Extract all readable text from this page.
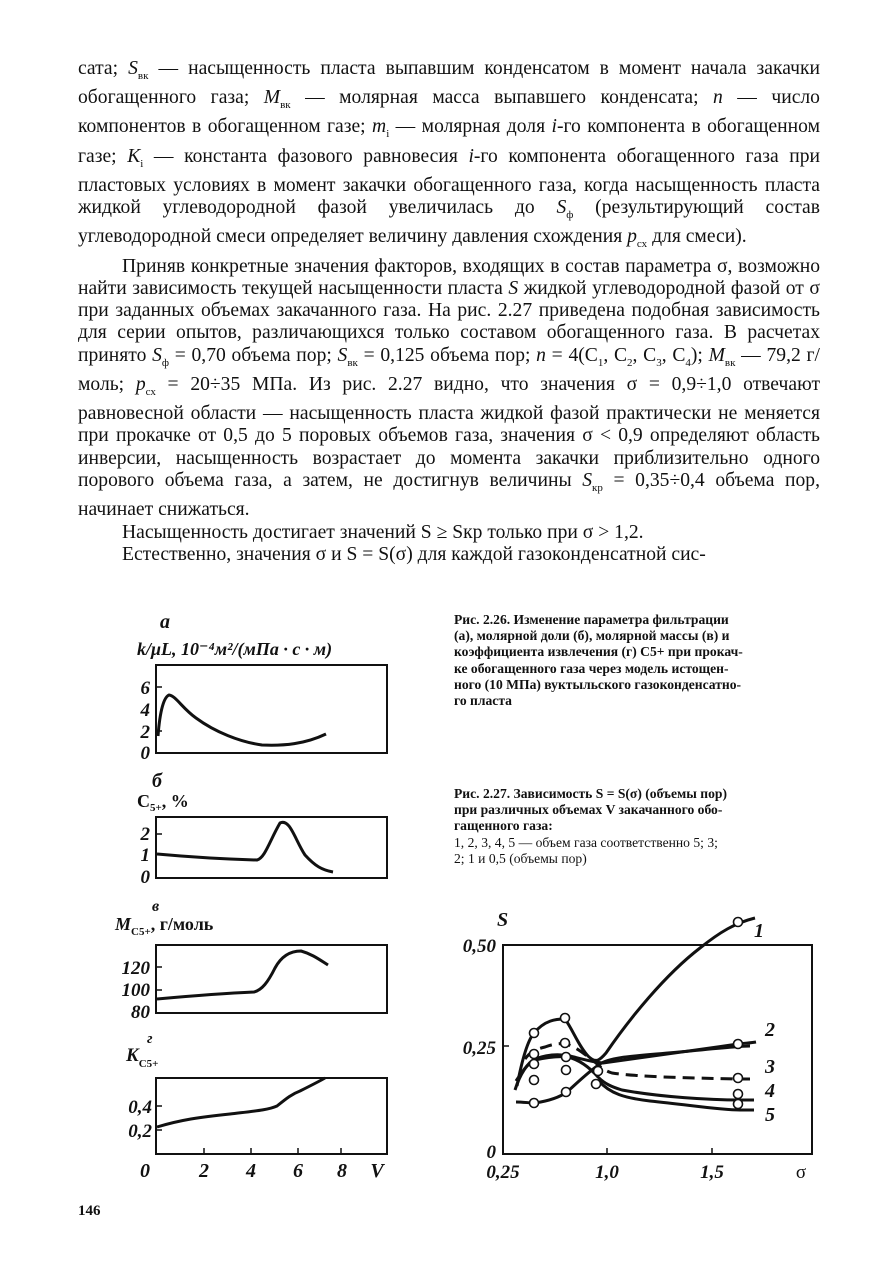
сата; $S_{вк}$ — насыщенность пласта выпавшим конденсатом в момент начала закачки обогащенного газа; $M_{вк}$ — молярная масса выпавшего конденсата; n — число компонентов в обогащенном газе; $m_i$ — молярная доля i-го компонента в обогащенном газе; $K_i$ — константа фазового равновесия i-го компонента обогащенного газа при пластовых условиях в момент закачки обогащенного газа, когда насыщенность пласта жидкой углеводородной фазой увеличилась до $S_ф$ (результирующий состав углеводородной смеси определяет величину давления схождения $p_{сх}$ для смеси).

Приняв конкретные значения факторов, входящих в состав параметра σ, возможно найти зависимость текущей насыщенности пласта S жидкой углеводородной фазой от σ при заданных объемах закачанного газа. На рис. 2.27 приведена подобная зависимость для серии опытов, различающихся только составом обогащенного газа. В расчетах принято $S_ф = 0,70$ объема пор; $S_{вк} = 0,125$ объема пор; $n = 4(C_1$, $C_2$, $C_3$, $C_4$); $M_{вк}$ — 79,2 г/моль; $p_{сх} = 20\div 35$ МПа. Из рис. 2.27 видно, что значения σ = 0,9÷1,0 отвечают равновесной области — насыщенность пласта жидкой фазой практически не меняется при прокачке от 0,5 до 5 поровых объемов газа, значения σ < 0,9 определяют область инверсии, насыщенность возрастает до момента закачки приблизительно одного порового объема газа, а затем, не достигнув величины $S_{кр} = 0,35\div 0,4$ объема пор, начинает снижаться.

Насыщенность достигает значений S ≥ Sкр только при σ > 1,2.

Естественно, значения σ и S = S(σ) для каждой газоконденсатной сис-

Рис. 2.26. Изменение параметра фильтрации
(а), молярной доли (б), молярной массы (в) и
коэффициента извлечения (г) C5+ при прокач-
ке обогащенного газа через модель истощен-
ного (10 МПа) вуктыльского газоконденсатно-
го пласта
Рис. 2.27. Зависимость S = S(σ) (объемы пор)
при различных объемах V закачанного обо-
гащенного газа:
1, 2, 3, 4, 5 — объем газа соответственно 5; 3;
2; 1 и 0,5 (объемы пор)
а
k/μL, 10⁻⁴м²/(мПа · с · м)
6
4
2
0
б
$C_{5+}$, %
2
1
0
в
$M_{C5+}$, г/моль
120
100
80
г
$K_{C5+}$
0,4
0,2
0 2 4 6 8 V
S
0,50
0,25
0
0,25	1,0	1,5	σ
1
2
3
4
5
146
